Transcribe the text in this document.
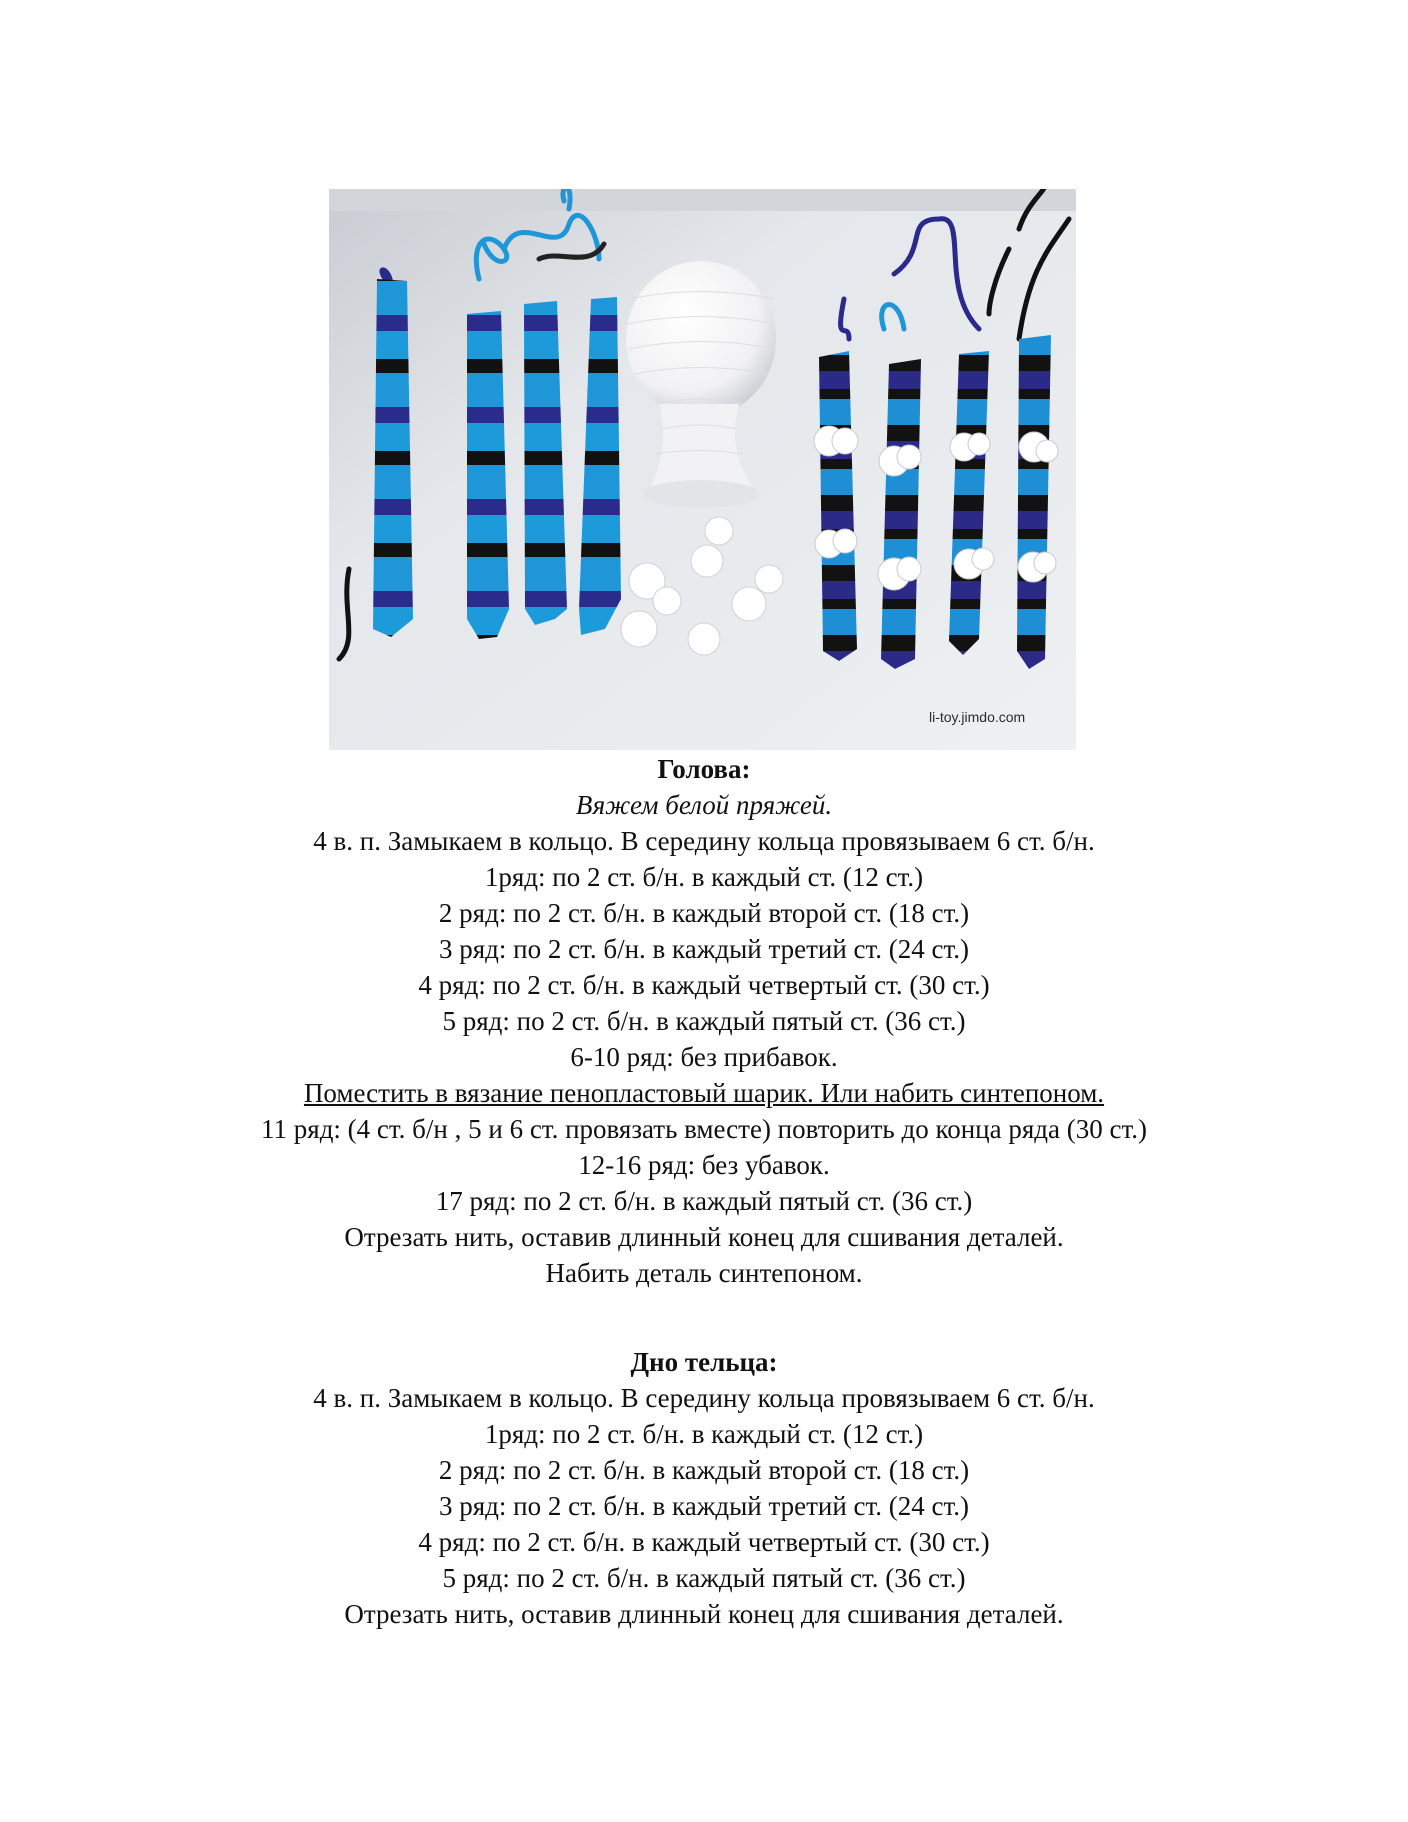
li-toy.jimdo.com
Голова:
Вяжем белой пряжей.
4 в. п. Замыкаем в кольцо. В середину кольца провязываем 6 ст. б/н.
1ряд: по 2 ст. б/н. в каждый ст. (12 ст.)
2 ряд: по 2 ст. б/н. в каждый второй ст. (18 ст.)
3 ряд: по 2 ст. б/н. в каждый третий ст. (24 ст.)
4 ряд: по 2 ст. б/н. в каждый четвертый ст. (30 ст.)
5 ряд: по 2 ст. б/н. в каждый пятый ст. (36 ст.)
6-10 ряд: без прибавок.
Поместить в вязание пенопластовый шарик. Или набить синтепоном.
11 ряд: (4 ст. б/н , 5 и 6 ст. провязать вместе) повторить до конца ряда (30 ст.)
12-16 ряд: без убавок.
17 ряд: по 2 ст. б/н. в каждый пятый ст. (36 ст.)
Отрезать нить, оставив длинный конец для сшивания деталей.
Набить деталь синтепоном.
Дно тельца:
4 в. п. Замыкаем в кольцо. В середину кольца провязываем 6 ст. б/н.
1ряд: по 2 ст. б/н. в каждый ст. (12 ст.)
2 ряд: по 2 ст. б/н. в каждый второй ст. (18 ст.)
3 ряд: по 2 ст. б/н. в каждый третий ст. (24 ст.)
4 ряд: по 2 ст. б/н. в каждый четвертый ст. (30 ст.)
5 ряд: по 2 ст. б/н. в каждый пятый ст. (36 ст.)
Отрезать нить, оставив длинный конец для сшивания деталей.
